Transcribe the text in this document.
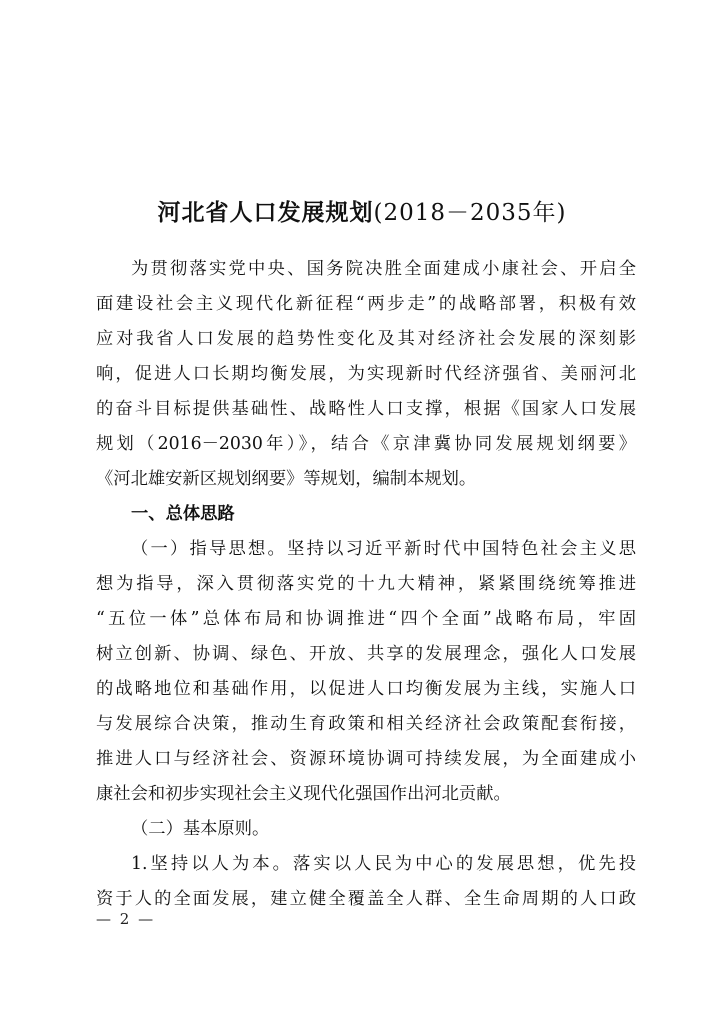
河北省人口发展规划(2018－2035年)
为贯彻落实党中央、国务院决胜全面建成小康社会、开启全
面建设社会主义现代化新征程“两步走”的战略部署，积极有效
应对我省人口发展的趋势性变化及其对经济社会发展的深刻影
响，促进人口长期均衡发展，为实现新时代经济强省、美丽河北
的奋斗目标提供基础性、战略性人口支撑，根据《国家人口发展
规划（2016－2030年）》，结合《京津冀协同发展规划纲要》
《河北雄安新区规划纲要》等规划，编制本规划。
一、总体思路
（一）指导思想。坚持以习近平新时代中国特色社会主义思
想为指导，深入贯彻落实党的十九大精神，紧紧围绕统筹推进
“五位一体”总体布局和协调推进“四个全面”战略布局，牢固
树立创新、协调、绿色、开放、共享的发展理念，强化人口发展
的战略地位和基础作用，以促进人口均衡发展为主线，实施人口
与发展综合决策，推动生育政策和相关经济社会政策配套衔接，
推进人口与经济社会、资源环境协调可持续发展，为全面建成小
康社会和初步实现社会主义现代化强国作出河北贡献。
（二）基本原则。
1.坚持以人为本。落实以人民为中心的发展思想，优先投
资于人的全面发展，建立健全覆盖全人群、全生命周期的人口政
— 2 —
